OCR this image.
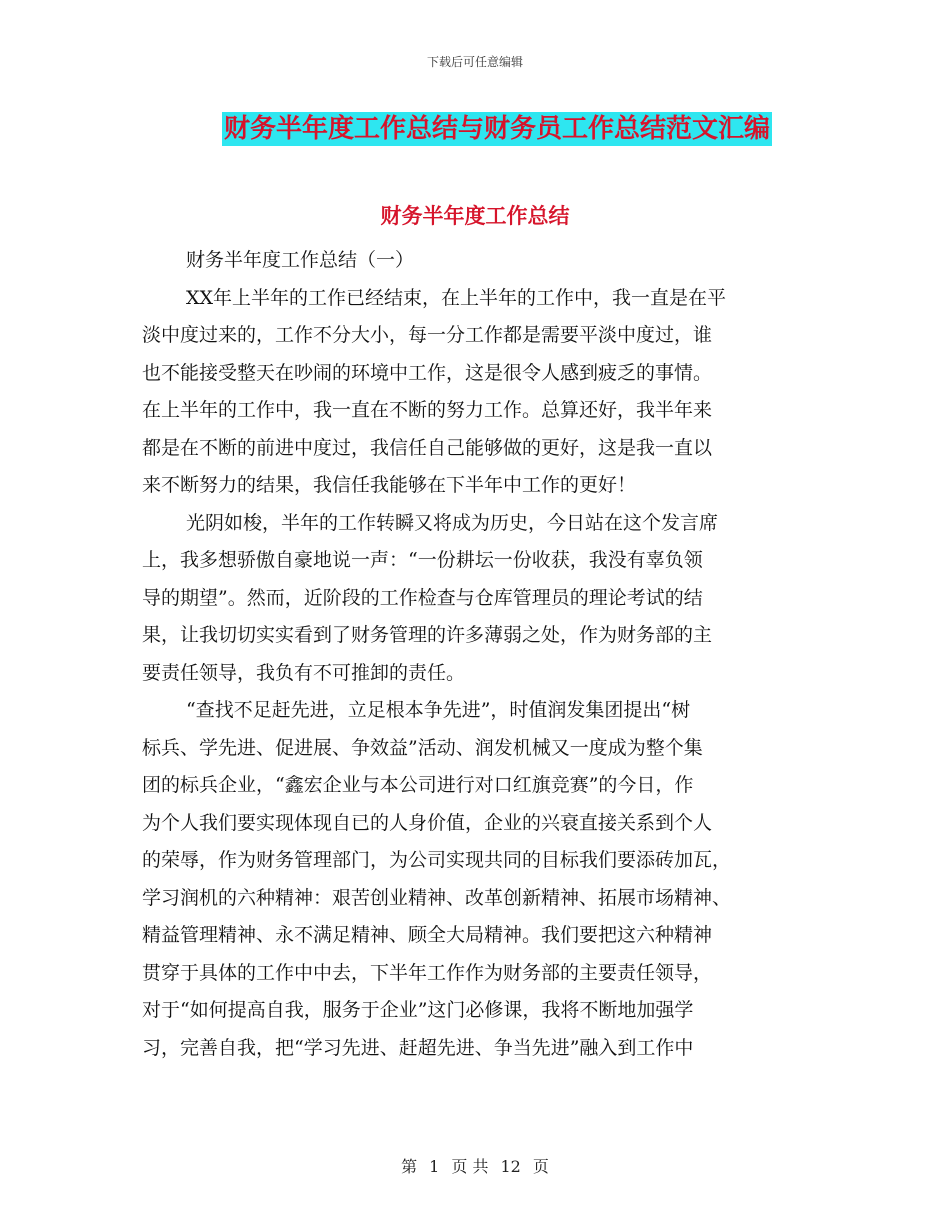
下载后可任意编辑
财务半年度工作总结与财务员工作总结范文汇编
财务半年度工作总结
财务半年度工作总结（一）
XX年上半年的工作已经结束，在上半年的工作中，我一直是在平
淡中度过来的，工作不分大小，每一分工作都是需要平淡中度过，谁
也不能接受整天在吵闹的环境中工作，这是很令人感到疲乏的事情。
在上半年的工作中，我一直在不断的努力工作。总算还好，我半年来
都是在不断的前进中度过，我信任自己能够做的更好，这是我一直以
来不断努力的结果，我信任我能够在下半年中工作的更好！
光阴如梭，半年的工作转瞬又将成为历史，今日站在这个发言席
上，我多想骄傲自豪地说一声：“一份耕坛一份收获，我没有辜负领
导的期望”。然而，近阶段的工作检查与仓库管理员的理论考试的结
果，让我切切实实看到了财务管理的许多薄弱之处，作为财务部的主
要责任领导，我负有不可推卸的责任。
“查找不足赶先进，立足根本争先进”，时值润发集团提出“树
标兵、学先进、促进展、争效益”活动、润发机械又一度成为整个集
团的标兵企业，“鑫宏企业与本公司进行对口红旗竞赛”的今日，作
为个人我们要实现体现自已的人身价值，企业的兴衰直接关系到个人
的荣辱，作为财务管理部门，为公司实现共同的目标我们要添砖加瓦，
学习润机的六种精神：艰苦创业精神、改革创新精神、拓展市场精神、
精益管理精神、永不满足精神、顾全大局精神。我们要把这六种精神
贯穿于具体的工作中中去，下半年工作作为财务部的主要责任领导，
对于“如何提高自我，服务于企业”这门必修课，我将不断地加强学
习，完善自我，把“学习先进、赶超先进、争当先进”融入到工作中
第 1 页 共 12 页
